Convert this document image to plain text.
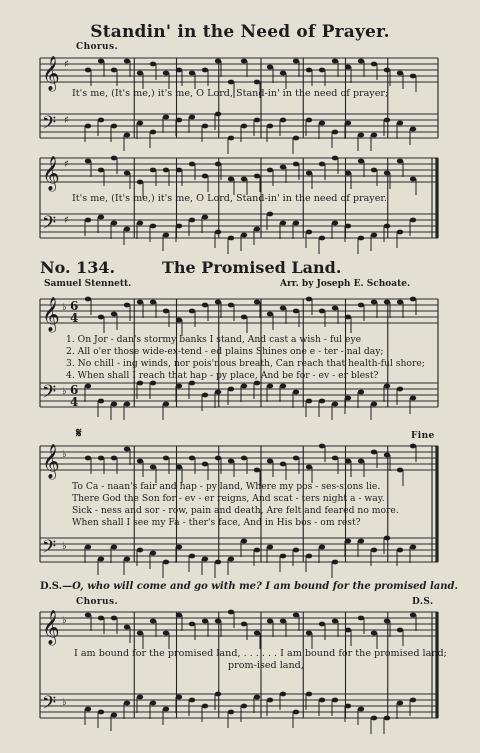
Standin' in the Need of Prayer.
Chorus.
𝄞
𝄢
♯
♯
It's me, (It's me,) it's me, O Lord, Stand-in' in the need of prayer;
𝄞
𝄢
♯
♯
It's me, (It's me,) it's me, O Lord, Stand-in' in the need of prayer.
No. 134.	The Promised Land.
Samuel Stennett.	Arr. by Joseph E. Schoate.
𝄞
𝄢
♭
♭
6
4
6
4
1. On Jor - dan's stormy banks I stand, And cast a wish - ful eye
2. All o'er those wide-ex-tend - ed plains Shines one e - ter - nal day;
3. No chill - ing winds, nor pois'nous breath, Can reach that health-ful shore;
4. When shall I reach that hap - py place, And be for - ev - er blest?
𝄋	Fine
𝄞
𝄢
♭
♭
To Ca - naan's fair and hap - py land, Where my pos - ses-sions lie.
There God the Son for - ev - er reigns, And scat - ters night a - way.
Sick - ness and sor - row, pain and death, Are felt and feared no more.
When shall I see my Fa - ther's face, And in His bos - om rest?
D.S.—O, who will come and go with me? I am bound for the promised land.
Chorus.	D.S.
𝄞
𝄢
♭
♭
I am bound for the promised land, . . . . . . I am bound for the promised land;
prom-ised land,
